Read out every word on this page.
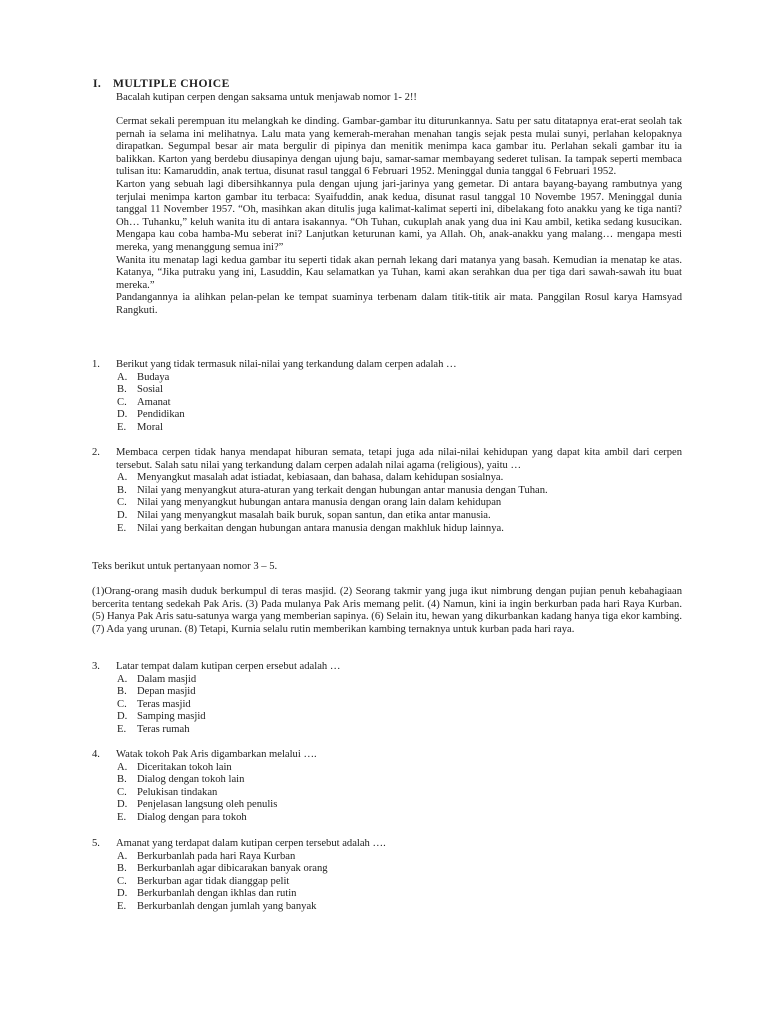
I. MULTIPLE CHOICE
Bacalah kutipan cerpen dengan saksama untuk menjawab nomor 1- 2!!

Cermat sekali perempuan itu melangkah ke dinding. Gambar-gambar itu diturunkannya. Satu per satu ditatapnya erat-erat seolah tak pernah ia selama ini melihatnya. Lalu mata yang kemerah-merahan menahan tangis sejak pesta mulai sunyi, perlahan kelopaknya dirapatkan. Segumpal besar air mata bergulir di pipinya dan menitik menimpa kaca gambar itu. Perlahan sekali gambar itu ia balikkan. Karton yang berdebu diusapinya dengan ujung baju, samar-samar membayang sederet tulisan. Ia tampak seperti membaca tulisan itu: Kamaruddin, anak tertua, disunat rasul tanggal 6 Februari 1952. Meninggal dunia tanggal 6 Februari 1952.

Karton yang sebuah lagi dibersihkannya pula dengan ujung jari-jarinya yang gemetar. Di antara bayang-bayang rambutnya yang terjulai menimpa karton gambar itu terbaca: Syaifuddin, anak kedua, disunat rasul tanggal 10 Novembe 1957. Meninggal dunia tanggal 11 November 1957. “Oh, masihkan akan ditulis juga kalimat-kalimat seperti ini, dibelakang foto anakku yang ke tiga nanti? Oh… Tuhanku,” keluh wanita itu di antara isakannya. “Oh Tuhan, cukuplah anak yang dua ini Kau ambil, ketika sedang kusucikan. Mengapa kau coba hamba-Mu seberat ini? Lanjutkan keturunan kami, ya Allah. Oh, anak-anakku yang malang… mengapa mesti mereka, yang menanggung semua ini?”

Wanita itu menatap lagi kedua gambar itu seperti tidak akan pernah lekang dari matanya yang basah. Kemudian ia menatap ke atas. Katanya, “Jika putraku yang ini, Lasuddin, Kau selamatkan ya Tuhan, kami akan serahkan dua per tiga dari sawah-sawah itu buat mereka.”

Pandangannya ia alihkan pelan-pelan ke tempat suaminya terbenam dalam titik-titik air mata. Panggilan Rosul karya Hamsyad Rangkuti.

1.	Berikut yang tidak termasuk nilai-nilai yang terkandung dalam cerpen adalah …
A. Budaya
B. Sosial
C. Amanat
D. Pendidikan
E.	Moral
2.	Membaca cerpen tidak hanya mendapat hiburan semata, tetapi juga ada nilai-nilai kehidupan yang dapat kita ambil dari cerpen tersebut. Salah satu nilai yang terkandung dalam cerpen adalah nilai agama (religious), yaitu …
A. Menyangkut masalah adat istiadat, kebiasaan, dan bahasa, dalam kehidupan sosialnya.
B. Nilai yang menyangkut atura-aturan yang terkait dengan hubungan antar manusia dengan Tuhan.
C. Nilai yang menyangkut hubungan antara manusia dengan orang lain dalam kehidupan
D. Nilai yang menyangkut masalah baik buruk, sopan santun, dan etika antar manusia.
E.	Nilai yang berkaitan dengan hubungan antara manusia dengan makhluk hidup lainnya.
Teks berikut untuk pertanyaan nomor 3 – 5.
(1)Orang-orang masih duduk berkumpul di teras masjid. (2) Seorang takmir yang juga ikut nimbrung dengan pujian penuh kebahagiaan bercerita tentang sedekah Pak Aris. (3) Pada mulanya Pak Aris memang pelit. (4) Namun, kini ia ingin berkurban pada hari Raya Kurban. (5) Hanya Pak Aris satu-satunya warga yang memberian sapinya. (6) Selain itu, hewan yang dikurbankan kadang hanya tiga ekor kambing. (7) Ada yang urunan. (8) Tetapi, Kurnia selalu rutin memberikan kambing ternaknya untuk kurban pada hari raya.
3.	Latar tempat dalam kutipan cerpen ersebut adalah …
A. Dalam masjid
B. Depan masjid
C. Teras masjid
D. Samping masjid
E.	Teras rumah
4.	Watak tokoh Pak Aris digambarkan melalui ….
A. Diceritakan tokoh lain
B. Dialog dengan tokoh lain
C. Pelukisan tindakan
D. Penjelasan langsung oleh penulis
E.	Dialog dengan para tokoh
5.	Amanat yang terdapat dalam kutipan cerpen tersebut adalah ….
A. Berkurbanlah pada hari Raya Kurban
B. Berkurbanlah agar dibicarakan banyak orang
C. Berkurban agar tidak dianggap pelit
D. Berkurbanlah dengan ikhlas dan rutin
E.	Berkurbanlah dengan jumlah yang banyak
